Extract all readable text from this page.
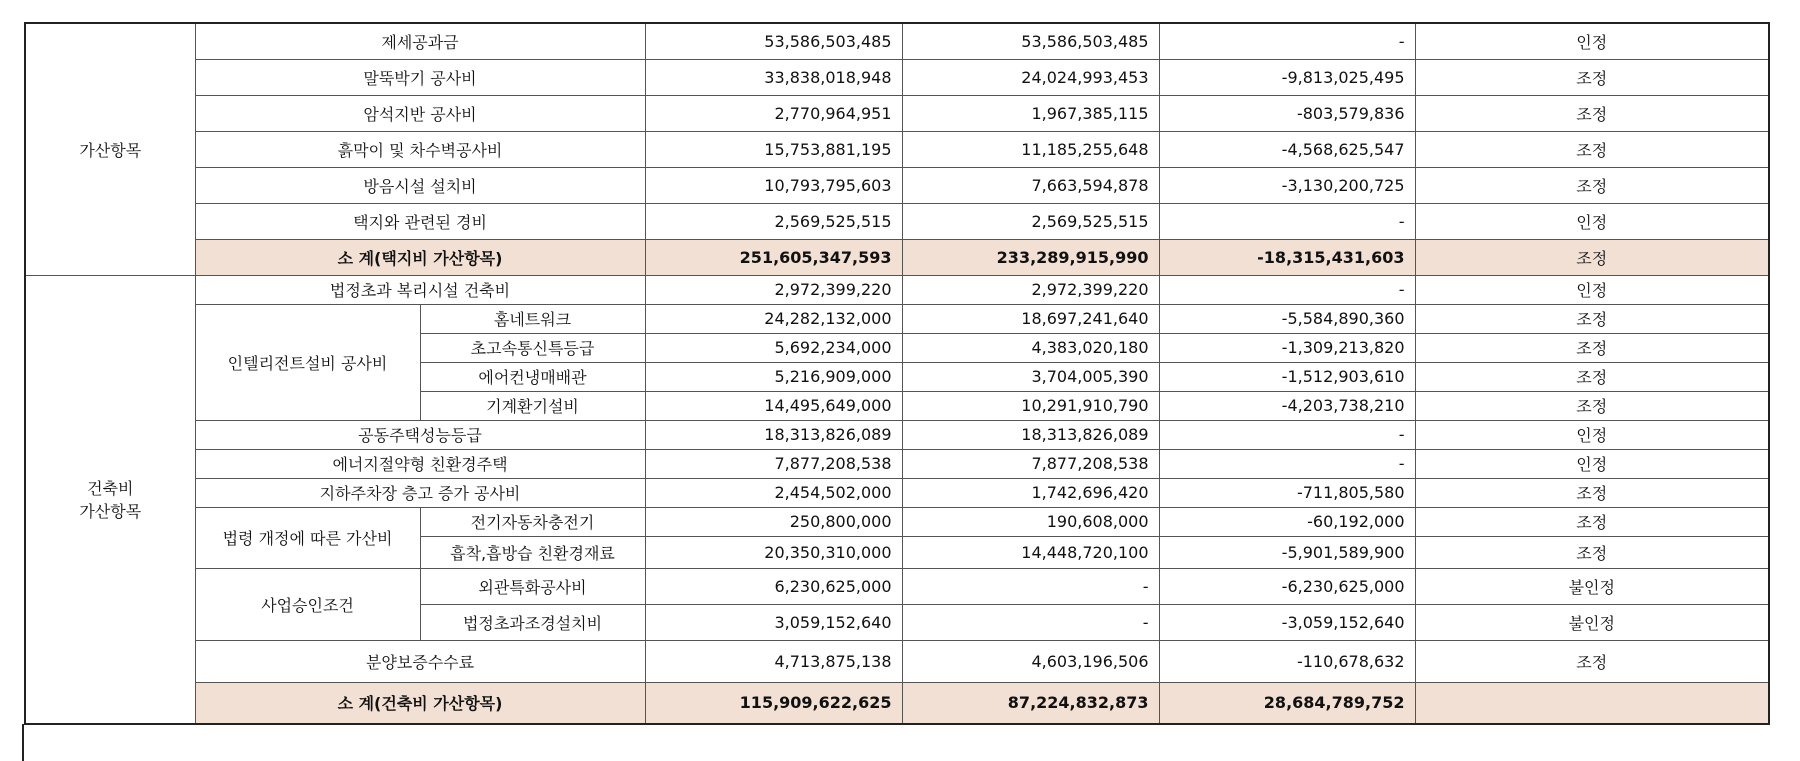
가산항목	제세공과금		53,586,503,485	53,586,503,485	-	인정
	말뚝박기 공사비		33,838,018,948	24,024,993,453	-9,813,025,495	조정
	암석지반 공사비		2,770,964,951	1,967,385,115	-803,579,836	조정
	흙막이 및 차수벽공사비		15,753,881,195	11,185,255,648	-4,568,625,547	조정
	방음시설 설치비		10,793,795,603	7,663,594,878	-3,130,200,725	조정
	택지와 관련된 경비		2,569,525,515	2,569,525,515	-	인정
	소 계(택지비 가산항목)		251,605,347,593	233,289,915,990	-18,315,431,603	조정
건축비
가산항목	법정초과 복리시설 건축비		2,972,399,220	2,972,399,220	-	인정
	인텔리전트설비 공사비	홈네트워크	24,282,132,000	18,697,241,640	-5,584,890,360	조정
		초고속통신특등급	5,692,234,000	4,383,020,180	-1,309,213,820	조정
		에어컨냉매배관	5,216,909,000	3,704,005,390	-1,512,903,610	조정
		기계환기설비	14,495,649,000	10,291,910,790	-4,203,738,210	조정
	공동주택성능등급		18,313,826,089	18,313,826,089	-	인정
	에너지절약형 친환경주택		7,877,208,538	7,877,208,538	-	인정
	지하주차장 층고 증가 공사비		2,454,502,000	1,742,696,420	-711,805,580	조정
	법령 개정에 따른 가산비	전기자동차충전기	250,800,000	190,608,000	-60,192,000	조정
		흡착,흡방습 친환경재료	20,350,310,000	14,448,720,100	-5,901,589,900	조정
	사업승인조건	외관특화공사비	6,230,625,000	-	-6,230,625,000	불인정
		법정초과조경설치비	3,059,152,640	-	-3,059,152,640	불인정
	분양보증수수료		4,713,875,138	4,603,196,506	-110,678,632	조정
	소 계(건축비 가산항목)		115,909,622,625	87,224,832,873	28,684,789,752	
